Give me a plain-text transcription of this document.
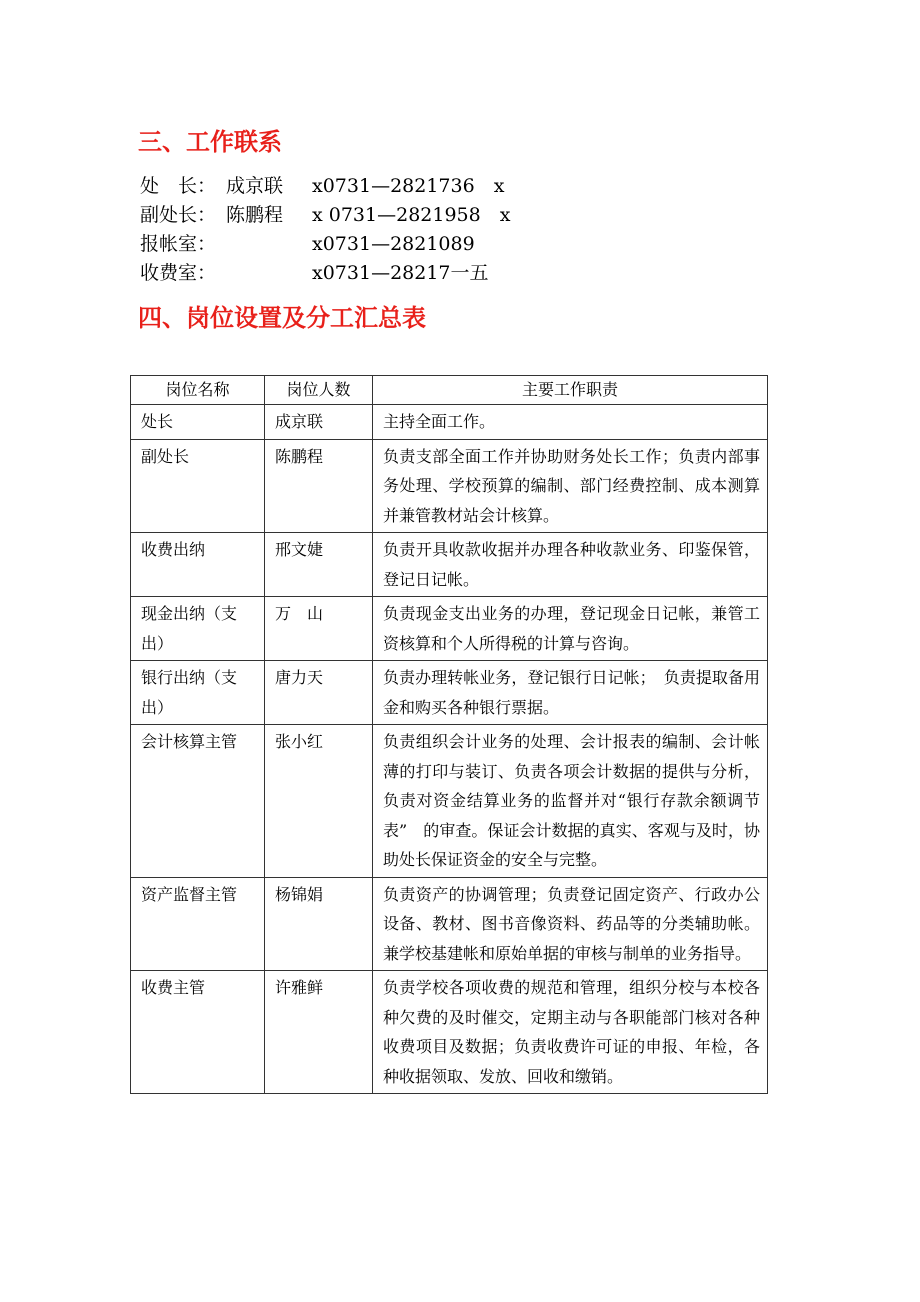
三、工作联系
处 长： 成京联 x0731—2821736　x
副处长： 陈鹏程 x 0731—2821958　x
报帐室：	x0731—2821089
收费室：	x0731—28217一五
四、岗位设置及分工汇总表
岗位名称	岗位人数	主要工作职责
处长	成京联	主持全面工作。
副处长	陈鹏程	负责支部全面工作并协助财务处长工作；负责内部事务处理、学校预算的编制、部门经费控制、成本测算并兼管教材站会计核算。
收费出纳	邢文婕	负责开具收款收据并办理各种收款业务、印鉴保管，登记日记帐。
现金出纳（支出）	万　山	负责现金支出业务的办理，登记现金日记帐，兼管工资核算和个人所得税的计算与咨询。
银行出纳（支出）	唐力天	负责办理转帐业务，登记银行日记帐；　负责提取备用金和购买各种银行票据。
会计核算主管	张小红	负责组织会计业务的处理、会计报表的编制、会计帐薄的打印与装订、负责各项会计数据的提供与分析，负责对资金结算业务的监督并对“银行存款余额调节表”　的审查。保证会计数据的真实、客观与及时，协助处长保证资金的安全与完整。
资产监督主管	杨锦娟	负责资产的协调管理；负责登记固定资产、行政办公设备、教材、图书音像资料、药品等的分类辅助帐。兼学校基建帐和原始单据的审核与制单的业务指导。
收费主管	许雅鲜	负责学校各项收费的规范和管理，组织分校与本校各种欠费的及时催交，定期主动与各职能部门核对各种收费项目及数据；负责收费许可证的申报、年检，各种收据领取、发放、回收和缴销。
